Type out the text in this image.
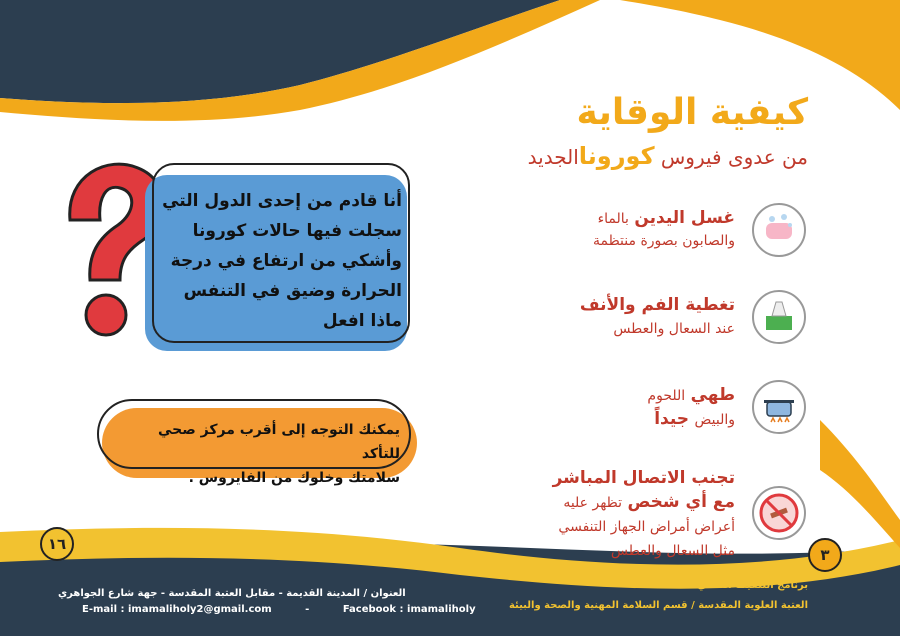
كيفية الوقاية
من عدوى فيروس كوروناالجديد
أنا قادم من إحدى الدول التي
سجلت فيها حالات كورونا
وأشكي من ارتفاع في درجة
الحرارة وضيق في التنفس
ماذا افعل
يمكنك التوجه إلى أقرب مركز صحي للتأكد
سلامتك وخلوك من الفايروس .
غسل اليدين بالماء
والصابون بصورة منتظمة
تغطية الفم والأنف
عند السعال والعطس
طهي اللحوم
والبيض جيداً
تجنب الاتصال المباشر
مع أي شخص تظهر عليه
أعراض أمراض الجهاز التنفسي
مثل السعال والعطس
١٦
٣
برنامج التثقيف الصحي
العتبة العلوية المقدسة / قسم السلامة المهنية والصحة والبيئة
العنوان / المدينة القديمة - مقابل العتبة المقدسة - جهة شارع الجواهري
E-mail : imamaliholy2@gmail.com	-	Facebook : imamaliholy
